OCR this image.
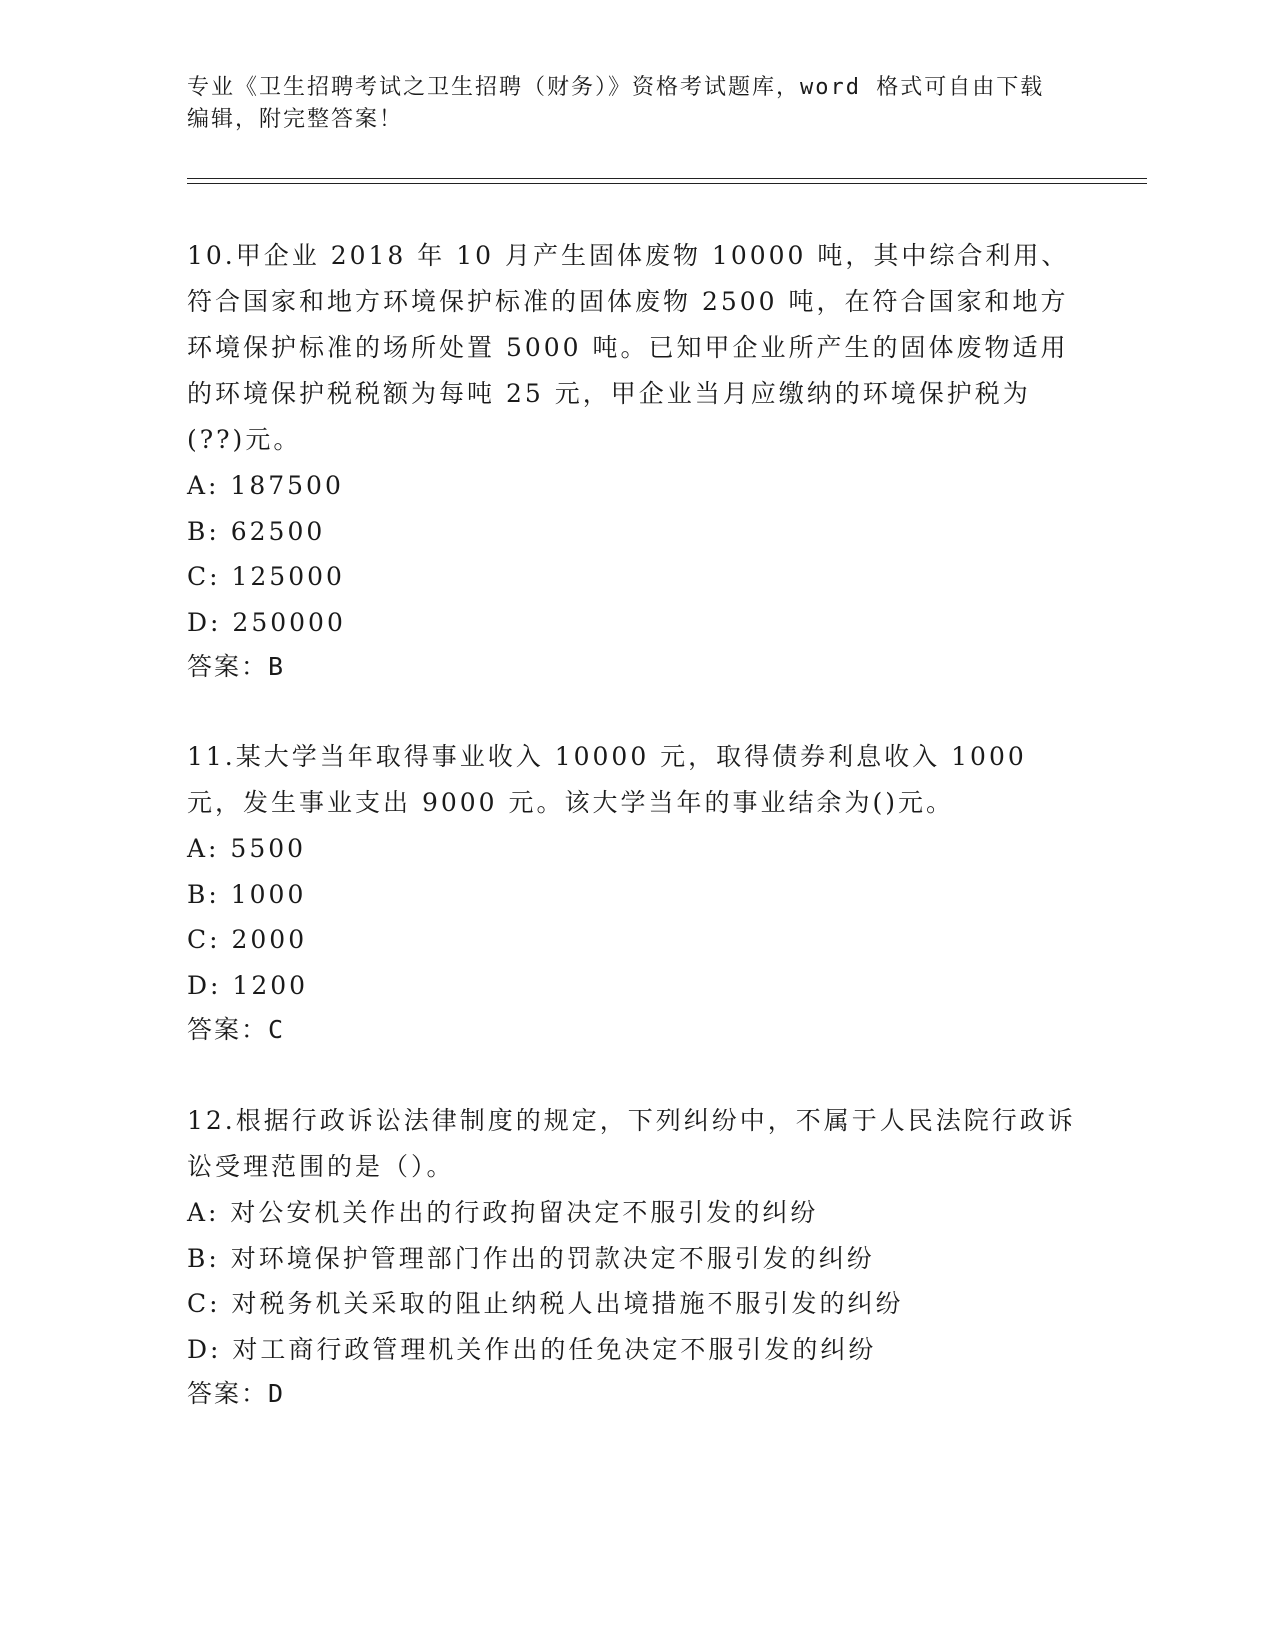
专业《卫生招聘考试之卫生招聘（财务）》资格考试题库，word 格式可自由下载
编辑，附完整答案！

10.甲企业 2018 年 10 月产生固体废物 10000 吨，其中综合利用、符合国家和地方环境保护标准的固体废物 2500 吨，在符合国家和地方环境保护标准的场所处置 5000 吨。已知甲企业所产生的固体废物适用的环境保护税税额为每吨 25 元，甲企业当月应缴纳的环境保护税为(??)元。

A: 187500

B: 62500

C: 125000

D: 250000

答案：B

11.某大学当年取得事业收入 10000 元，取得债券利息收入 1000 元，发生事业支出 9000 元。该大学当年的事业结余为()元。

A: 5500

B: 1000

C: 2000

D: 1200

答案：C

12.根据行政诉讼法律制度的规定，下列纠纷中，不属于人民法院行政诉讼受理范围的是（）。

A: 对公安机关作出的行政拘留决定不服引发的纠纷

B: 对环境保护管理部门作出的罚款决定不服引发的纠纷

C: 对税务机关采取的阻止纳税人出境措施不服引发的纠纷

D: 对工商行政管理机关作出的任免决定不服引发的纠纷

答案：D
